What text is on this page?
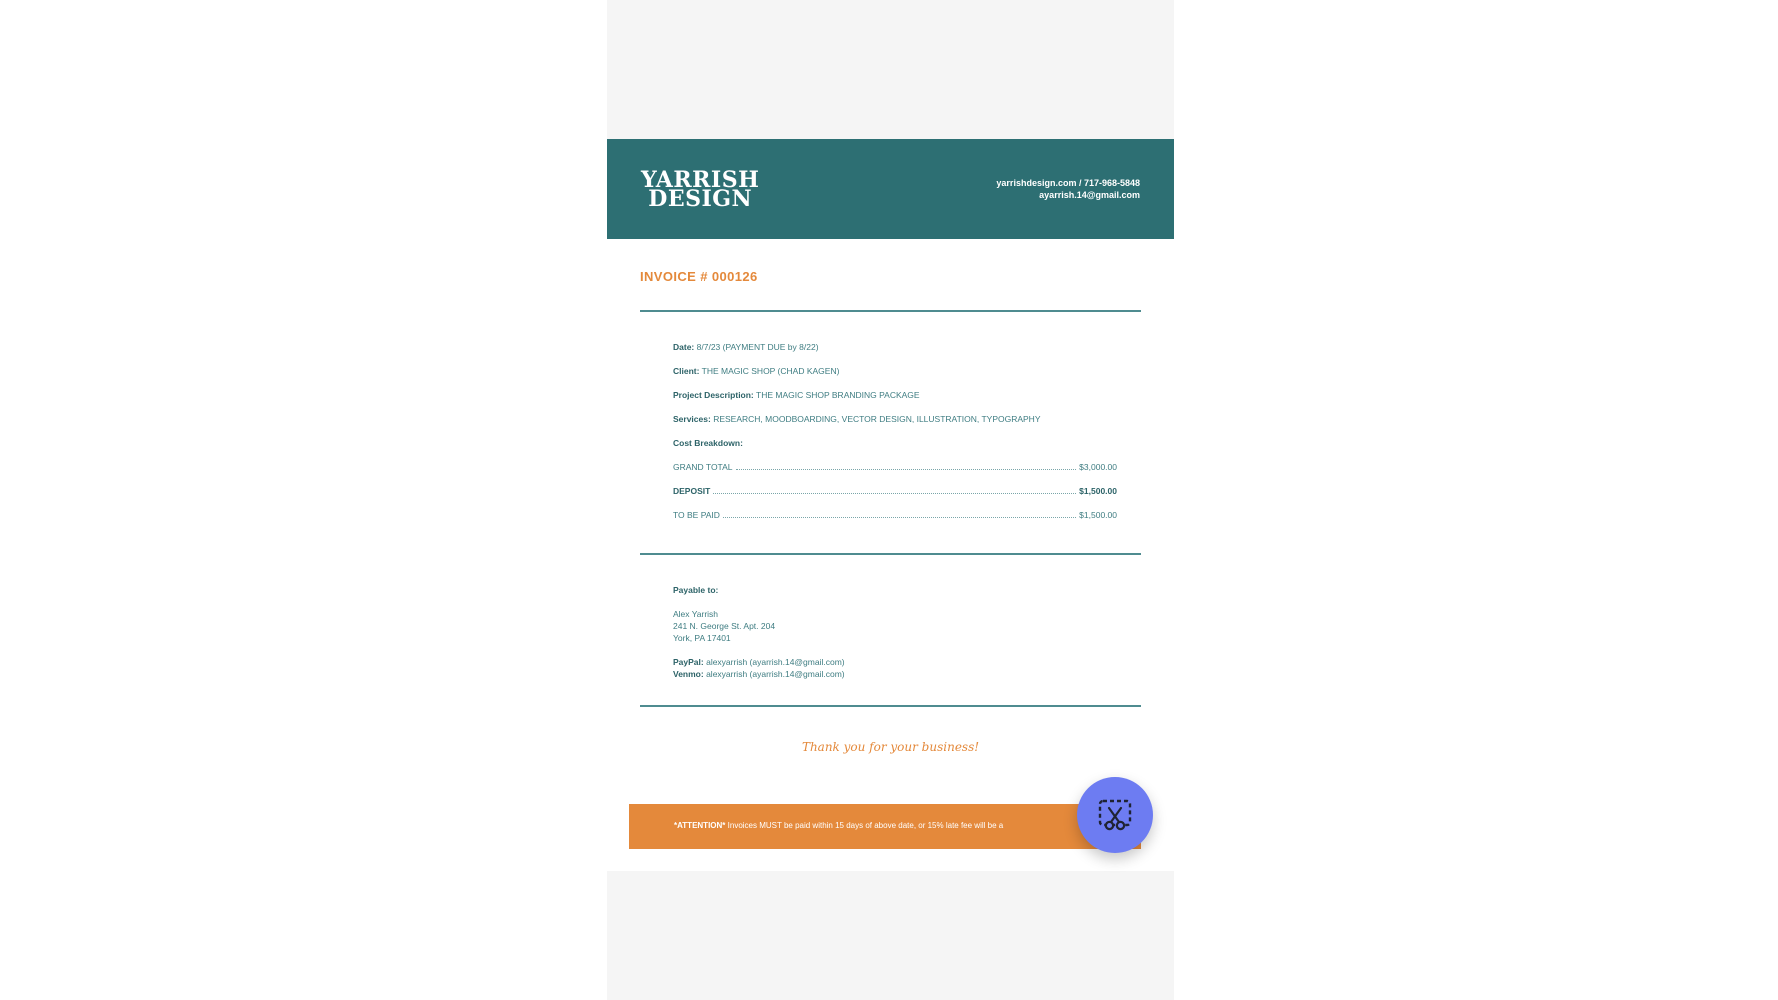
YARRISH
DESIGN
yarrishdesign.com / 717-968-5848
ayarrish.14@gmail.com
INVOICE # 000126
Date: 8/7/23 (PAYMENT DUE by 8/22)
Client: THE MAGIC SHOP (CHAD KAGEN)
Project Description: THE MAGIC SHOP BRANDING PACKAGE
Services: RESEARCH, MOODBOARDING, VECTOR DESIGN, ILLUSTRATION, TYPOGRAPHY
Cost Breakdown:
GRAND TOTAL	$3,000.00
DEPOSIT	$1,500.00
TO BE PAID	$1,500.00
Payable to:
Alex Yarrish
241 N. George St. Apt. 204
York, PA 17401
PayPal: alexyarrish (ayarrish.14@gmail.com)
Venmo: alexyarrish (ayarrish.14@gmail.com)
Thank you for your business!
*ATTENTION* Invoices MUST be paid within 15 days of above date, or 15% late fee will be a
